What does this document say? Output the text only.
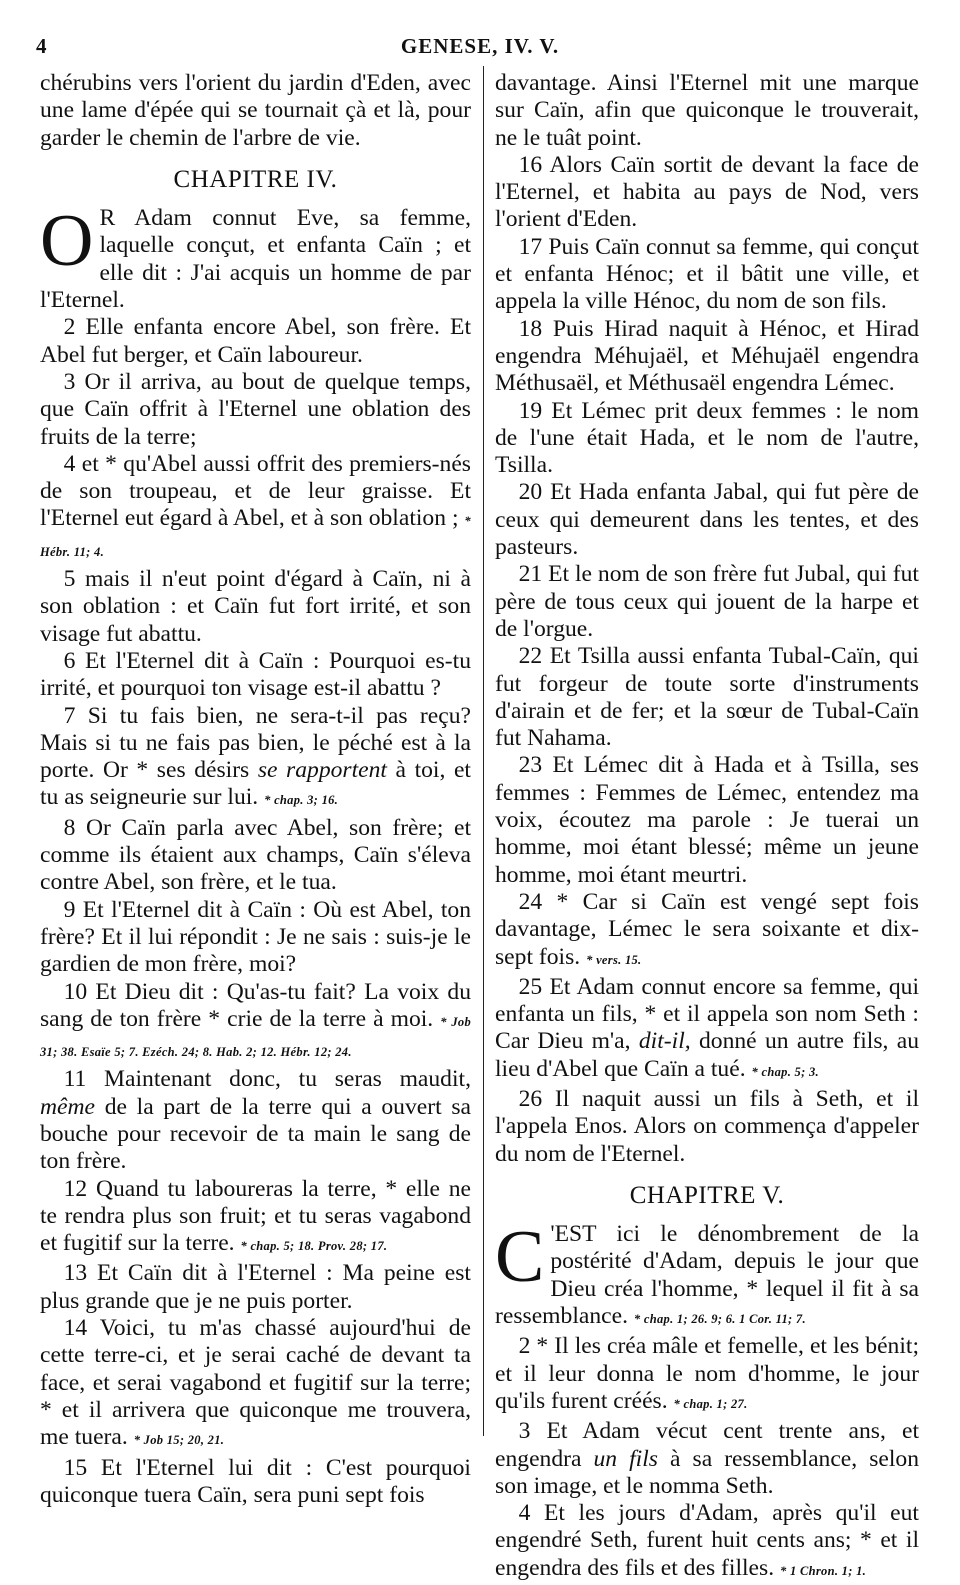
4	GENESE, IV. V.

chérubins vers l'orient du jardin d'Eden, avec une lame d'épée qui se tournait çà et là, pour garder le chemin de l'arbre de vie.

CHAPITRE IV.

O R Adam connut Eve, sa femme, laquelle conçut, et enfanta Caïn ; et elle dit : J'ai acquis un homme de par l'Eternel.

2 Elle enfanta encore Abel, son frère. Et Abel fut berger, et Caïn laboureur.

3 Or il arriva, au bout de quelque temps, que Caïn offrit à l'Eternel une oblation des fruits de la terre;

4 et * qu'Abel aussi offrit des premiers-nés de son troupeau, et de leur graisse. Et l'Eternel eut égard à Abel, et à son oblation ; * Hébr. 11; 4.

5 mais il n'eut point d'égard à Caïn, ni à son oblation : et Caïn fut fort irrité, et son visage fut abattu.

6 Et l'Eternel dit à Caïn : Pourquoi es-tu irrité, et pourquoi ton visage est-il abattu ?

7 Si tu fais bien, ne sera-t-il pas reçu? Mais si tu ne fais pas bien, le péché est à la porte. Or * ses désirs se rapportent à toi, et tu as seigneurie sur lui. * chap. 3; 16.

8 Or Caïn parla avec Abel, son frère; et comme ils étaient aux champs, Caïn s'éleva contre Abel, son frère, et le tua.

9 Et l'Eternel dit à Caïn : Où est Abel, ton frère? Et il lui répondit : Je ne sais : suis-je le gardien de mon frère, moi?

10 Et Dieu dit : Qu'as-tu fait? La voix du sang de ton frère * crie de la terre à moi. * Job 31; 38. Esaïe 5; 7. Ezéch. 24; 8. Hab. 2; 12. Hébr. 12; 24.

11 Maintenant donc, tu seras maudit, même de la part de la terre qui a ouvert sa bouche pour recevoir de ta main le sang de ton frère.

12 Quand tu laboureras la terre, * elle ne te rendra plus son fruit; et tu seras vagabond et fugitif sur la terre. * chap. 5; 18. Prov. 28; 17.

13 Et Caïn dit à l'Eternel : Ma peine est plus grande que je ne puis porter.

14 Voici, tu m'as chassé aujourd'hui de cette terre-ci, et je serai caché de devant ta face, et serai vagabond et fugitif sur la terre; * et il arrivera que quiconque me trouvera, me tuera. * Job 15; 20, 21.

15 Et l'Eternel lui dit : C'est pourquoi quiconque tuera Caïn, sera puni sept fois

davantage. Ainsi l'Eternel mit une marque sur Caïn, afin que quiconque le trouverait, ne le tuât point.

16 Alors Caïn sortit de devant la face de l'Eternel, et habita au pays de Nod, vers l'orient d'Eden.

17 Puis Caïn connut sa femme, qui conçut et enfanta Hénoc; et il bâtit une ville, et appela la ville Hénoc, du nom de son fils.

18 Puis Hirad naquit à Hénoc, et Hirad engendra Méhujaël, et Méhujaël engendra Méthusaël, et Méthusaël engendra Lémec.

19 Et Lémec prit deux femmes : le nom de l'une était Hada, et le nom de l'autre, Tsilla.

20 Et Hada enfanta Jabal, qui fut père de ceux qui demeurent dans les tentes, et des pasteurs.

21 Et le nom de son frère fut Jubal, qui fut père de tous ceux qui jouent de la harpe et de l'orgue.

22 Et Tsilla aussi enfanta Tubal-Caïn, qui fut forgeur de toute sorte d'instruments d'airain et de fer; et la sœur de Tubal-Caïn fut Nahama.

23 Et Lémec dit à Hada et à Tsilla, ses femmes : Femmes de Lémec, entendez ma voix, écoutez ma parole : Je tuerai un homme, moi étant blessé; même un jeune homme, moi étant meurtri.

24 * Car si Caïn est vengé sept fois davantage, Lémec le sera soixante et dix-sept fois. * vers. 15.

25 Et Adam connut encore sa femme, qui enfanta un fils, * et il appela son nom Seth : Car Dieu m'a, dit-il, donné un autre fils, au lieu d'Abel que Caïn a tué. * chap. 5; 3.

26 Il naquit aussi un fils à Seth, et il l'appela Enos. Alors on commença d'appeler du nom de l'Eternel.

CHAPITRE V.

C 'EST ici le dénombrement de la postérité d'Adam, depuis le jour que Dieu créa l'homme, * lequel il fit à sa ressemblance. * chap. 1; 26. 9; 6. 1 Cor. 11; 7.

2 * Il les créa mâle et femelle, et les bénit; et il leur donna le nom d'homme, le jour qu'ils furent créés. * chap. 1; 27.

3 Et Adam vécut cent trente ans, et engendra un fils à sa ressemblance, selon son image, et le nomma Seth.

4 Et les jours d'Adam, après qu'il eut engendré Seth, furent huit cents ans; * et il engendra des fils et des filles. * 1 Chron. 1; 1.
